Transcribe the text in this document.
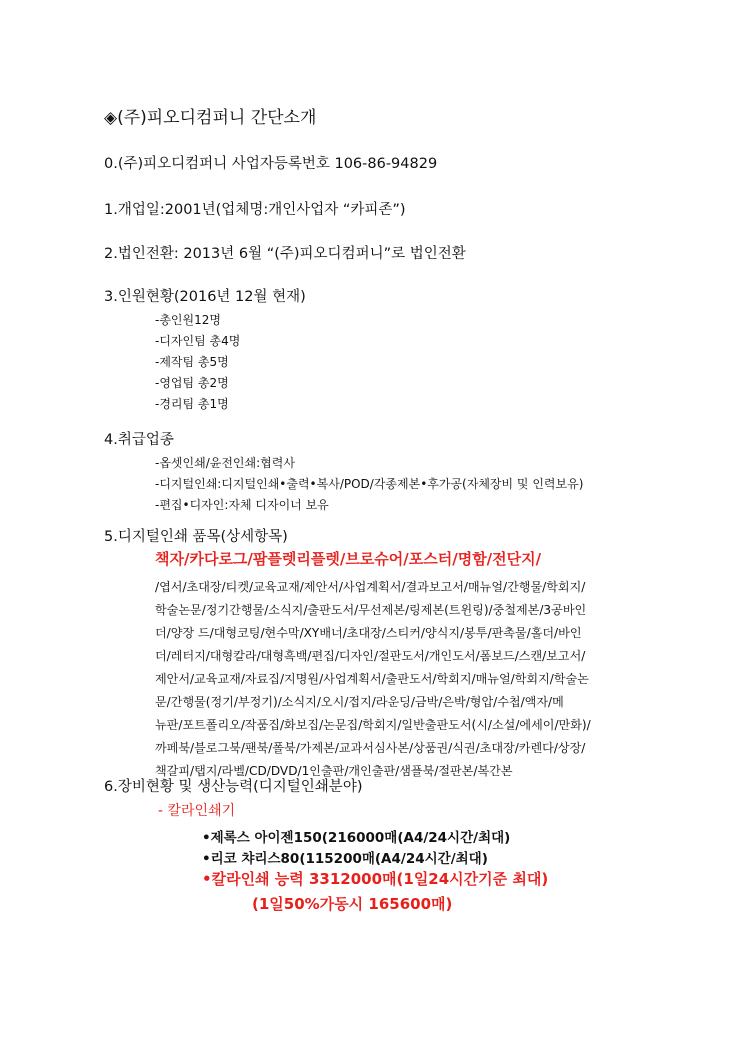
◈(주)피오디컴퍼니 간단소개
0.(주)피오디컴퍼니 사업자등록번호 106-86-94829
1.개업일:2001년(업체명:개인사업자 “카피존”)
2.법인전환: 2013년 6월 “(주)피오디컴퍼니”로 법인전환
3.인원현황(2016년 12월 현재)
-총인원12명
-디자인팀 총4명
-제작팀 총5명
-영업팀 총2명
-경리팀 총1명
4.취급업종
-옵셋인쇄/윤전인쇄:협력사
-디지털인쇄:디지털인쇄•출력•복사/POD/각종제본•후가공(자체장비 및 인력보유)
-편집•디자인:자체 디자이너 보유
5.디지털인쇄 품목(상세항목)
책자/카다로그/팜플렛리플렛/브로슈어/포스터/명함/전단지/
/엽서/초대장/티켓/교육교재/제안서/사업계획서/결과보고서/매뉴얼/간행물/학회지/
학술논문/정기간행물/소식지/출판도서/무선제본/링제본(트윈링)/중철제본/3공바인
더/양장 드/대형코팅/현수막/XY배너/초대장/스티커/양식지/봉투/판촉물/홀더/바인
더/레터지/대형칼라/대형흑백/편집/디자인/절판도서/개인도서/폼보드/스캔/보고서/
제안서/교육교재/자료집/지명원/사업계획서/출판도서/학회지/매뉴얼/학회지/학술논
문/간행물(정기/부정기)/소식지/오시/접지/라운딩/금박/은박/형압/수첩/액자/메
뉴판/포트폴리오/작품집/화보집/논문집/학회지/일반출판도서(시/소설/에세이/만화)/
까페북/블로그북/팬북/폴북/가제본/교과서심사본/상품권/식권/초대장/카렌다/상장/
책갈피/탭지/라벨/CD/DVD/1인출판/개인출판/샘플북/절판본/복간본
6.장비현황 및 생산능력(디지털인쇄분야)
- 칼라인쇄기
•제록스 아이젠150(216000매(A4/24시간/최대)
•리코 챠리스80(115200매(A4/24시간/최대)
•칼라인쇄 능력 3312000매(1일24시간기준 최대)
(1일50%가동시 165600매)
